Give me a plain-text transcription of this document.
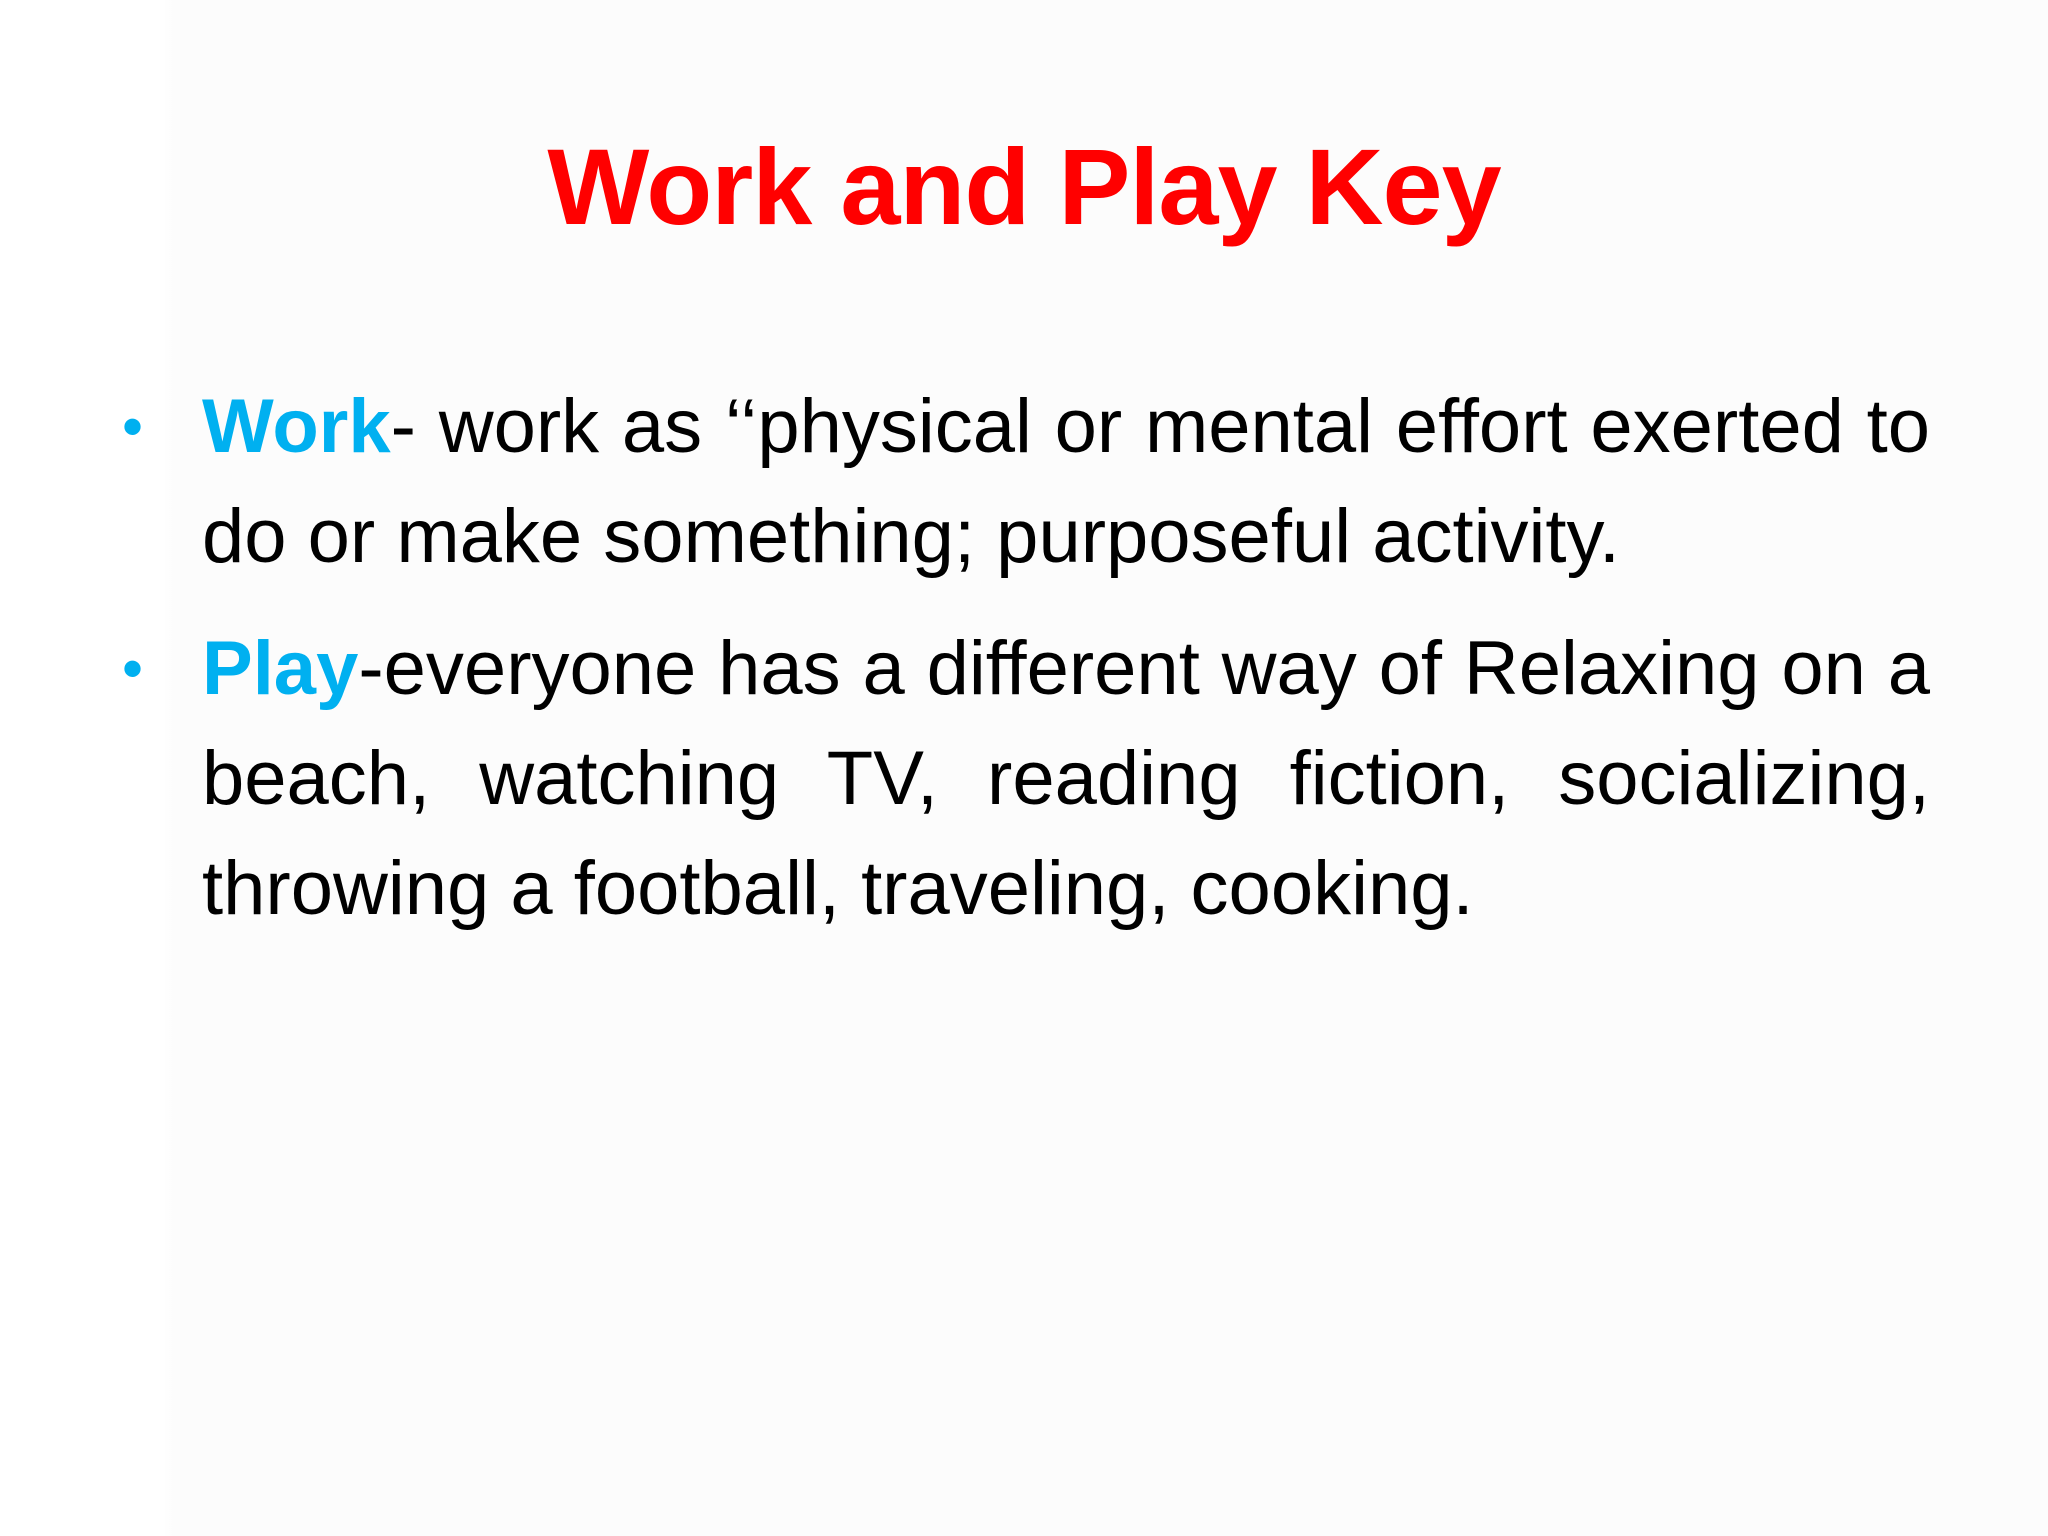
Work and Play Key
• Work- work as ‘‘physical or mental effort exerted to do or make something; purposeful activity.
• Play-everyone has a different way of Relaxing on a beach, watching TV, reading fiction, socializing, throwing a football, traveling, cooking.
